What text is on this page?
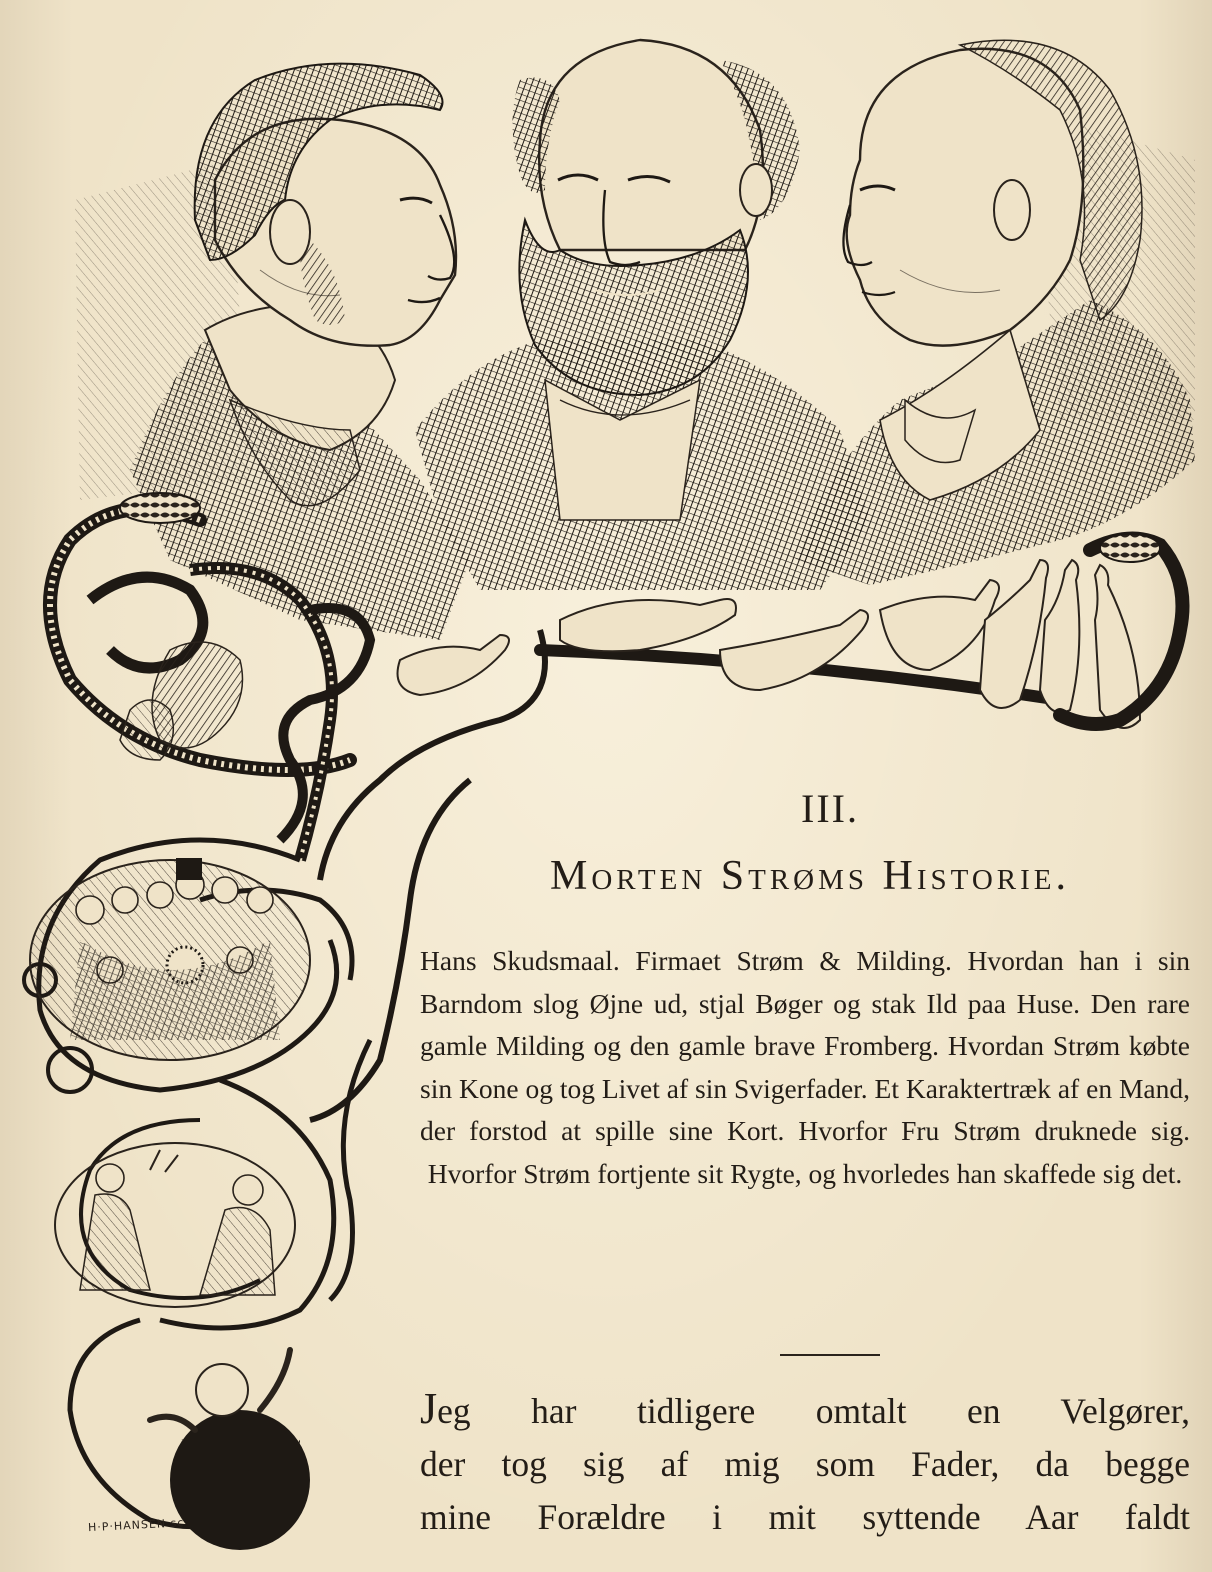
H·P·HANSEN sc
III.
Morten Strøms Historie.
Hans Skudsmaal. Firmaet Strøm & Milding. Hvordan han i sin Barndom slog Øjne ud, stjal Bøger og stak Ild paa Huse. Den rare gamle Milding og den gamle brave Fromberg. Hvordan Strøm købte sin Kone og tog Livet af sin Svigerfader. Et Karaktertræk af en Mand, der forstod at spille sine Kort. Hvorfor Fru Strøm druknede sig. Hvorfor Strøm fortjente sit Rygte, og hvorledes han skaffede sig det.
Jeg har tidligere omtalt en Velgører,
der tog sig af mig som Fader, da begge
mine Forældre i mit syttende Aar faldt
